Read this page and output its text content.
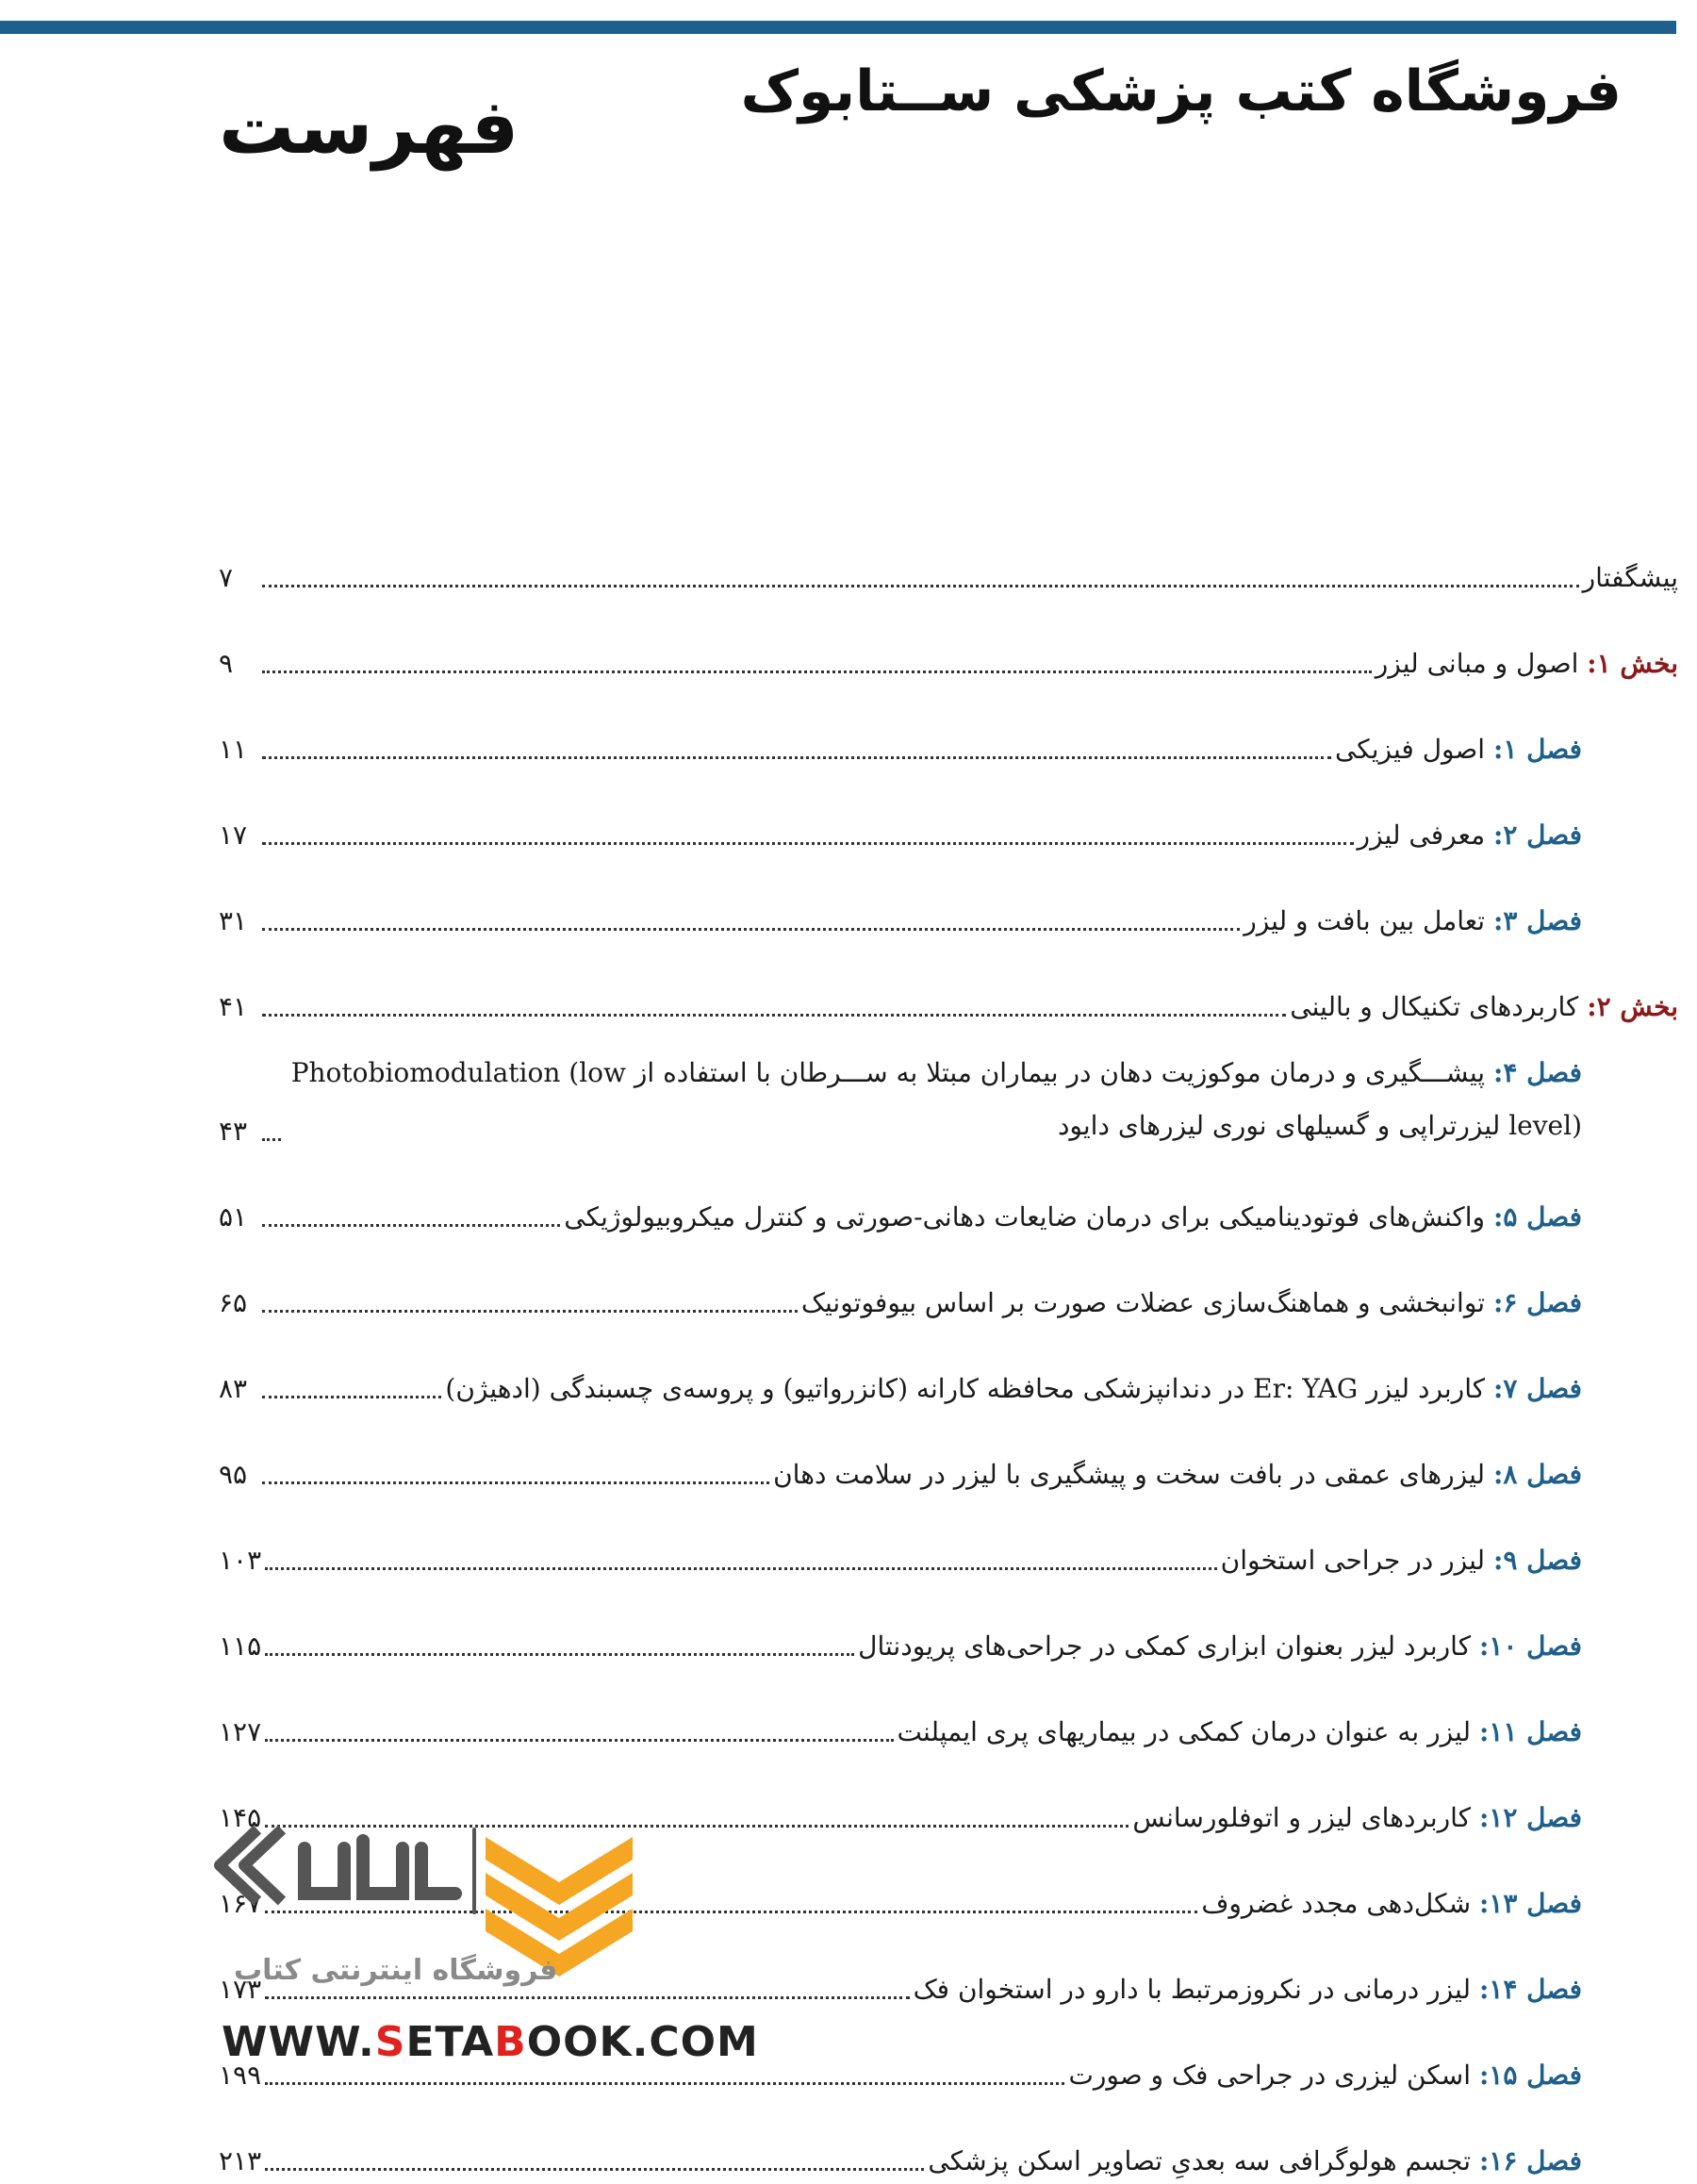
فروشگاه کتب پزشکی ســتابوک
فهرست
پیشگفتار
۷
بخش ۱: اصول و مبانی لیزر
۹
فصل ۱: اصول فیزیکی
۱۱
فصل ۲: معرفی لیزر
۱۷
فصل ۳: تعامل بین بافت و لیزر
۳۱
بخش ۲: کاربردهای تکنیکال و بالینی
۴۱
فصل ۴: پیشـــگیری و درمان موکوزیت دهان در بیماران مبتلا به ســـرطان با استفاده از Photobiomodulation (low level) لیزرتراپی و گسیلهای نوری لیزرهای دایود
۴۳
فصل ۵: واکنش‌های فوتودینامیکی برای درمان ضایعات دهانی-صورتی و کنترل میکروبیولوژیکی
۵۱
فصل ۶: توانبخشی و هماهنگ‌سازی عضلات صورت بر اساس بیوفوتونیک
۶۵
فصل ۷: کاربرد لیزر Er: YAG در دندانپزشکی محافظه کارانه (کانزرواتیو) و پروسه‌ی چسبندگی (ادهیژن)
۸۳
فصل ۸: لیزرهای عمقی در بافت سخت و پیشگیری با لیزر در سلامت دهان
۹۵
فصل ۹: لیزر در جراحی استخوان
۱۰۳
فصل ۱۰: کاربرد لیزر بعنوان ابزاری کمکی در جراحی‌های پریودنتال
۱۱۵
فصل ۱۱: لیزر به عنوان درمان کمکی در بیماریهای پری ایمپلنت
۱۲۷
فصل ۱۲: کاربردهای لیزر و اتوفلورسانس
۱۴۵
فصل ۱۳: شکل‌دهی مجدد غضروف
۱۶۷
فصل ۱۴: لیزر درمانی در نکروزمرتبط با دارو در استخوان فک
۱۷۳
فصل ۱۵: اسکن لیزری در جراحی فک و صورت
۱۹۹
فصل ۱۶: تجسم هولوگرافی سه بعدیِ تصاویر اسکن پزشکی
۲۱۳

فروشگاه اینترنتی کتاب

WWW.SETABOOK.COM
